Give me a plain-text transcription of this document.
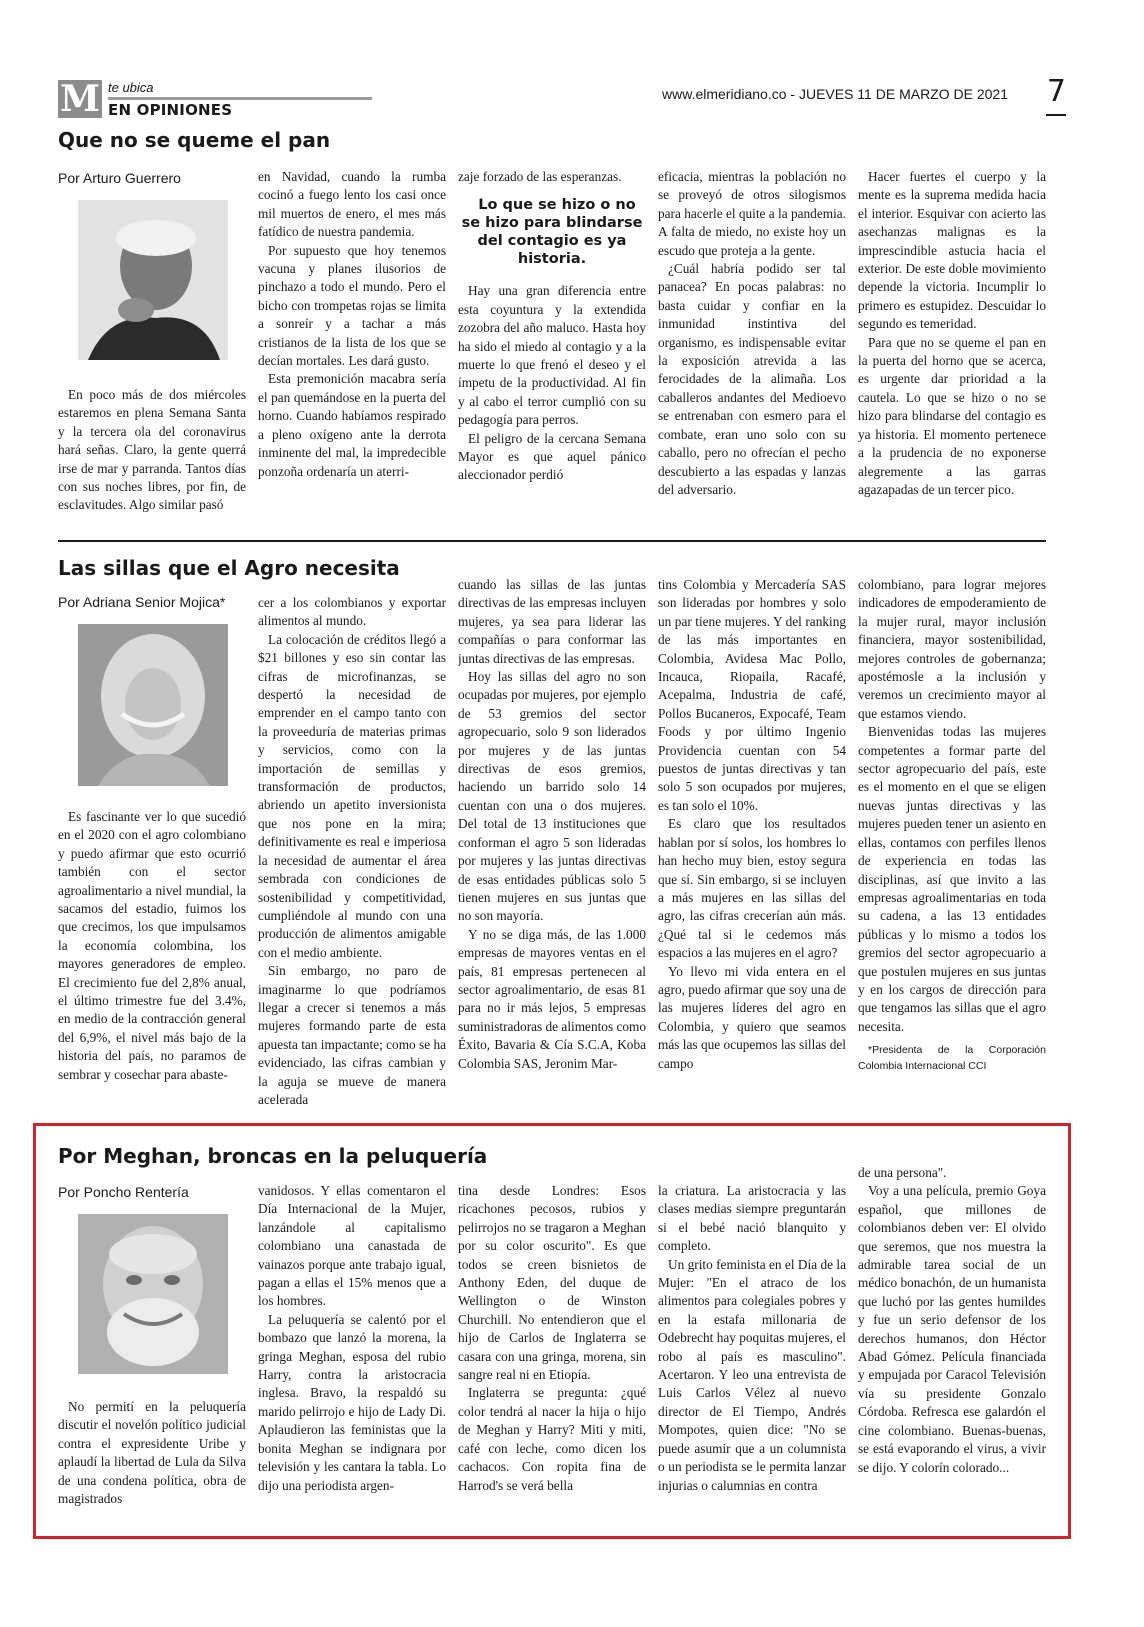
M te ubica
EN OPINIONES
www.elmeridiano.co - JUEVES 11 DE MARZO DE 2021 7
Que no se queme el pan
Por Arturo Guerrero

En poco más de dos miércoles estaremos en plena Semana Santa y la tercera ola del coronavirus hará señas. Claro, la gente querrá irse de mar y parranda. Tantos días con sus noches libres, por fin, de esclavitudes. Algo similar pasó

en Navidad, cuando la rumba cocinó a fuego lento los casi once mil muertos de enero, el mes más fatídico de nuestra pandemia.

Por supuesto que hoy tenemos vacuna y planes ilusorios de pinchazo a todo el mundo. Pero el bicho con trompetas rojas se limita a sonreír y a tachar a más cristianos de la lista de los que se decían mortales. Les dará gusto.

Esta premonición macabra sería el pan quemándose en la puerta del horno. Cuando habíamos respirado a pleno oxígeno ante la derrota inminente del mal, la impredecible ponzoña ordenaría un aterri-

zaje forzado de las esperanzas.

Lo que se hizo o no se hizo para blindarse del contagio es ya historia.

Hay una gran diferencia entre esta coyuntura y la extendida zozobra del año maluco. Hasta hoy ha sido el miedo al contagio y a la muerte lo que frenó el deseo y el ímpetu de la productividad. Al fin y al cabo el terror cumplió con su pedagogía para perros.

El peligro de la cercana Semana Mayor es que aquel pánico aleccionador perdió

eficacia, mientras la población no se proveyó de otros silogismos para hacerle el quite a la pandemia. A falta de miedo, no existe hoy un escudo que proteja a la gente.

¿Cuál habría podido ser tal panacea? En pocas palabras: no basta cuidar y confiar en la inmunidad instintiva del organismo, es indispensable evitar la exposición atrevida a las ferocidades de la alimaña. Los caballeros andantes del Medioevo se entrenaban con esmero para el combate, eran uno solo con su caballo, pero no ofrecían el pecho descubierto a las espadas y lanzas del adversario.

Hacer fuertes el cuerpo y la mente es la suprema medida hacia el interior. Esquivar con acierto las asechanzas malignas es la imprescindible astucia hacia el exterior. De este doble movimiento depende la victoria. Incumplir lo primero es estupidez. Descuidar lo segundo es temeridad.

Para que no se queme el pan en la puerta del horno que se acerca, es urgente dar prioridad a la cautela. Lo que se hizo o no se hizo para blindarse del contagio es ya historia. El momento pertenece a la prudencia de no exponerse alegremente a las garras agazapadas de un tercer pico.

Las sillas que el Agro necesita
Por Adriana Senior Mojica*

Es fascinante ver lo que sucedió en el 2020 con el agro colombiano y puedo afirmar que esto ocurrió también con el sector agroalimentario a nivel mundial, la sacamos del estadio, fuimos los que crecimos, los que impulsamos la economía colombina, los mayores generadores de empleo. El crecimiento fue del 2,8% anual, el último trimestre fue del 3.4%, en medio de la contracción general del 6,9%, el nivel más bajo de la historia del país, no paramos de sembrar y cosechar para abaste-

cer a los colombianos y exportar alimentos al mundo.

La colocación de créditos llegó a $21 billones y eso sin contar las cifras de microfinanzas, se despertó la necesidad de emprender en el campo tanto con la proveeduría de materias primas y servicios, como con la importación de semillas y transformación de productos, abriendo un apetito inversionista que nos pone en la mira; definitivamente es real e imperiosa la necesidad de aumentar el área sembrada con condiciones de sostenibilidad y competitividad, cumpliéndole al mundo con una producción de alimentos amigable con el medio ambiente.

Sin embargo, no paro de imaginarme lo que podríamos llegar a crecer si tenemos a más mujeres formando parte de esta apuesta tan impactante; como se ha evidenciado, las cifras cambian y la aguja se mueve de manera acelerada

cuando las sillas de las juntas directivas de las empresas incluyen mujeres, ya sea para liderar las compañías o para conformar las juntas directivas de las empresas.

Hoy las sillas del agro no son ocupadas por mujeres, por ejemplo de 53 gremios del sector agropecuario, solo 9 son liderados por mujeres y de las juntas directivas de esos gremios, haciendo un barrido solo 14 cuentan con una o dos mujeres. Del total de 13 instituciones que conforman el agro 5 son lideradas por mujeres y las juntas directivas de esas entidades públicas solo 5 tienen mujeres en sus juntas que no son mayoría.

Y no se diga más, de las 1.000 empresas de mayores ventas en el país, 81 empresas pertenecen al sector agroalimentario, de esas 81 para no ir más lejos, 5 empresas suministradoras de alimentos como Éxito, Bavaria & Cía S.C.A, Koba Colombia SAS, Jeronim Mar-

tins Colombia y Mercadería SAS son lideradas por hombres y solo un par tiene mujeres. Y del ranking de las más importantes en Colombia, Avidesa Mac Pollo, Incauca, Riopaila, Racafé, Acepalma, Industria de café, Pollos Bucaneros, Expocafé, Team Foods y por último Ingenio Providencia cuentan con 54 puestos de juntas directivas y tan solo 5 son ocupados por mujeres, es tan solo el 10%.

Es claro que los resultados hablan por sí solos, los hombres lo han hecho muy bien, estoy segura que sí. Sin embargo, si se incluyen a más mujeres en las sillas del agro, las cifras crecerían aún más. ¿Qué tal si le cedemos más espacios a las mujeres en el agro?

Yo llevo mi vida entera en el agro, puedo afirmar que soy una de las mujeres líderes del agro en Colombia, y quiero que seamos más las que ocupemos las sillas del campo

colombiano, para lograr mejores indicadores de empoderamiento de la mujer rural, mayor inclusión financiera, mayor sostenibilidad, mejores controles de gobernanza; apostémosle a la inclusión y veremos un crecimiento mayor al que estamos viendo.

Bienvenidas todas las mujeres competentes a formar parte del sector agropecuario del país, este es el momento en el que se eligen nuevas juntas directivas y las mujeres pueden tener un asiento en ellas, contamos con perfiles llenos de experiencia en todas las disciplinas, así que invito a las empresas agroalimentarias en toda su cadena, a las 13 entidades públicas y lo mismo a todos los gremios del sector agropecuario a que postulen mujeres en sus juntas y en los cargos de dirección para que tengamos las sillas que el agro necesita.

*Presidenta de la Corporación Colombia Internacional CCI

Por Meghan, broncas en la peluquería
Por Poncho Rentería

No permití en la peluquería discutir el novelón político judicial contra el expresidente Uribe y aplaudí la libertad de Lula da Silva de una condena política, obra de magistrados

vanidosos. Y ellas comentaron el Día Internacional de la Mujer, lanzándole al capitalismo colombiano una canastada de vainazos porque ante trabajo igual, pagan a ellas el 15% menos que a los hombres.

La peluquería se calentó por el bombazo que lanzó la morena, la gringa Meghan, esposa del rubio Harry, contra la aristocracia inglesa. Bravo, la respaldó su marido pelirrojo e hijo de Lady Di. Aplaudieron las feministas que la bonita Meghan se indignara por televisión y les cantara la tabla. Lo dijo una periodista argen-

tina desde Londres: Esos ricachones pecosos, rubios y pelirrojos no se tragaron a Meghan por su color oscurito". Es que todos se creen bisnietos de Anthony Eden, del duque de Wellington o de Winston Churchill. No entendieron que el hijo de Carlos de Inglaterra se casara con una gringa, morena, sin sangre real ni en Etiopía.

Inglaterra se pregunta: ¿qué color tendrá al nacer la hija o hijo de Meghan y Harry? Miti y miti, café con leche, como dicen los cachacos. Con ropita fina de Harrod's se verá bella

la criatura. La aristocracia y las clases medias siempre preguntarán si el bebé nació blanquito y completo.

Un grito feminista en el Día de la Mujer: "En el atraco de los alimentos para colegiales pobres y en la estafa millonaria de Odebrecht hay poquitas mujeres, el robo al país es masculino". Acertaron. Y leo una entrevista de Luis Carlos Vélez al nuevo director de El Tiempo, Andrés Mompotes, quien dice: "No se puede asumir que a un columnista o un periodista se le permita lanzar injurias o calumnias en contra

de una persona".

Voy a una película, premio Goya español, que millones de colombianos deben ver: El olvido que seremos, que nos muestra la admirable tarea social de un médico bonachón, de un humanista que luchó por las gentes humildes y fue un serio defensor de los derechos humanos, don Héctor Abad Gómez. Película financiada y empujada por Caracol Televisión vía su presidente Gonzalo Córdoba. Refresca ese galardón el cine colombiano. Buenas-buenas, se está evaporando el virus, a vivir se dijo. Y colorín colorado...
